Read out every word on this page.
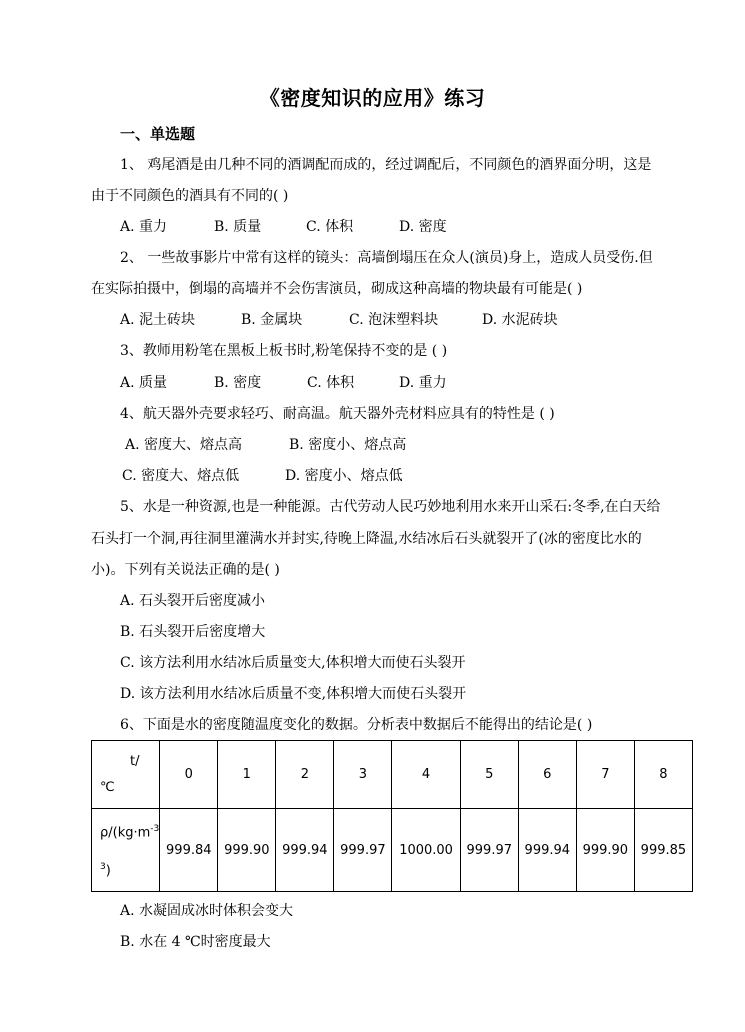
《密度知识的应用》练习
一、单选题
1、 鸡尾酒是由几种不同的酒调配而成的，经过调配后，不同颜色的酒界面分明，这是
由于不同颜色的酒具有不同的( )
A. 重力	B. 质量	C. 体积	D. 密度
2、 一些故事影片中常有这样的镜头：高墙倒塌压在众人(演员)身上，造成人员受伤.但
在实际拍摄中，倒塌的高墙并不会伤害演员，砌成这种高墙的物块最有可能是( )
A. 泥土砖块	B. 金属块	C. 泡沫塑料块	D. 水泥砖块
3、教师用粉笔在黑板上板书时,粉笔保持不变的是 ( )
A. 质量	B. 密度	C. 体积	D. 重力
4、航天器外壳要求轻巧、耐高温。航天器外壳材料应具有的特性是 ( )
A. 密度大、熔点高	B. 密度小、熔点高
C. 密度大、熔点低	D. 密度小、熔点低
5、水是一种资源,也是一种能源。古代劳动人民巧妙地利用水来开山采石:冬季,在白天给
石头打一个洞,再往洞里灌满水并封实,待晚上降温,水结冰后石头就裂开了(冰的密度比水的
小)。下列有关说法正确的是( )
A. 石头裂开后密度减小
B. 石头裂开后密度增大
C. 该方法利用水结冰后质量变大,体积增大而使石头裂开
D. 该方法利用水结冰后质量不变,体积增大而使石头裂开
6、下面是水的密度随温度变化的数据。分析表中数据后不能得出的结论是( )
t/
℃	0	1	2	3	4	5	6	7	8

$\rho/(kg\cdot m^{-3}$
$^3$)	999.84	999.90	999.94	999.97	1000.00	999.97	999.94	999.90	999.85
A. 水凝固成冰时体积会变大
B. 水在 4 ℃时密度最大
